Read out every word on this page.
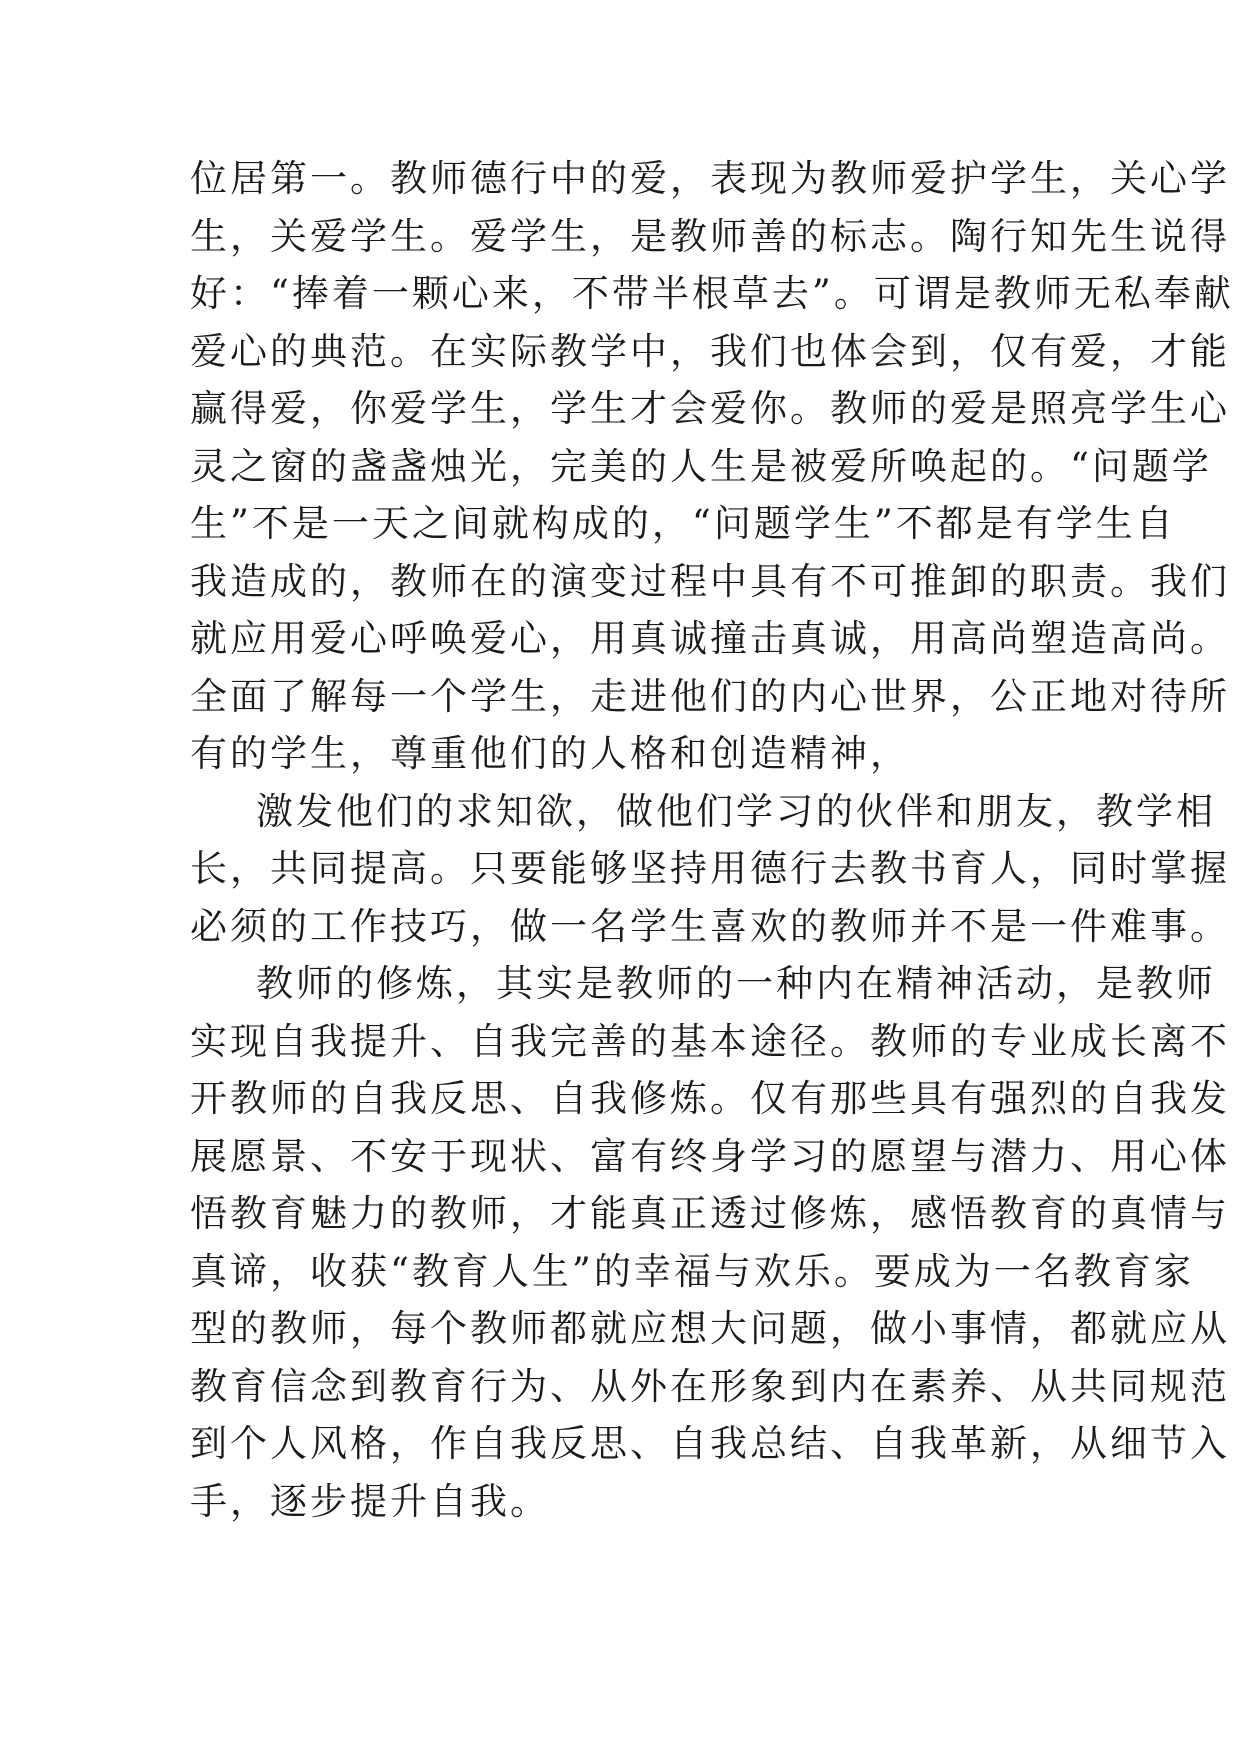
位居第一。教师德行中的爱，表现为教师爱护学生，关心学
生，关爱学生。爱学生，是教师善的标志。陶行知先生说得
好：“捧着一颗心来，不带半根草去”。可谓是教师无私奉献
爱心的典范。在实际教学中，我们也体会到，仅有爱，才能
赢得爱，你爱学生，学生才会爱你。教师的爱是照亮学生心
灵之窗的盏盏烛光，完美的人生是被爱所唤起的。“问题学
生”不是一天之间就构成的，“问题学生”不都是有学生自
我造成的，教师在的演变过程中具有不可推卸的职责。我们
就应用爱心呼唤爱心，用真诚撞击真诚，用高尚塑造高尚。
全面了解每一个学生，走进他们的内心世界，公正地对待所
有的学生，尊重他们的人格和创造精神，
激发他们的求知欲，做他们学习的伙伴和朋友，教学相
长，共同提高。只要能够坚持用德行去教书育人，同时掌握
必须的工作技巧，做一名学生喜欢的教师并不是一件难事。
教师的修炼，其实是教师的一种内在精神活动，是教师
实现自我提升、自我完善的基本途径。教师的专业成长离不
开教师的自我反思、自我修炼。仅有那些具有强烈的自我发
展愿景、不安于现状、富有终身学习的愿望与潜力、用心体
悟教育魅力的教师，才能真正透过修炼，感悟教育的真情与
真谛，收获“教育人生”的幸福与欢乐。要成为一名教育家
型的教师，每个教师都就应想大问题，做小事情，都就应从
教育信念到教育行为、从外在形象到内在素养、从共同规范
到个人风格，作自我反思、自我总结、自我革新，从细节入
手，逐步提升自我。
